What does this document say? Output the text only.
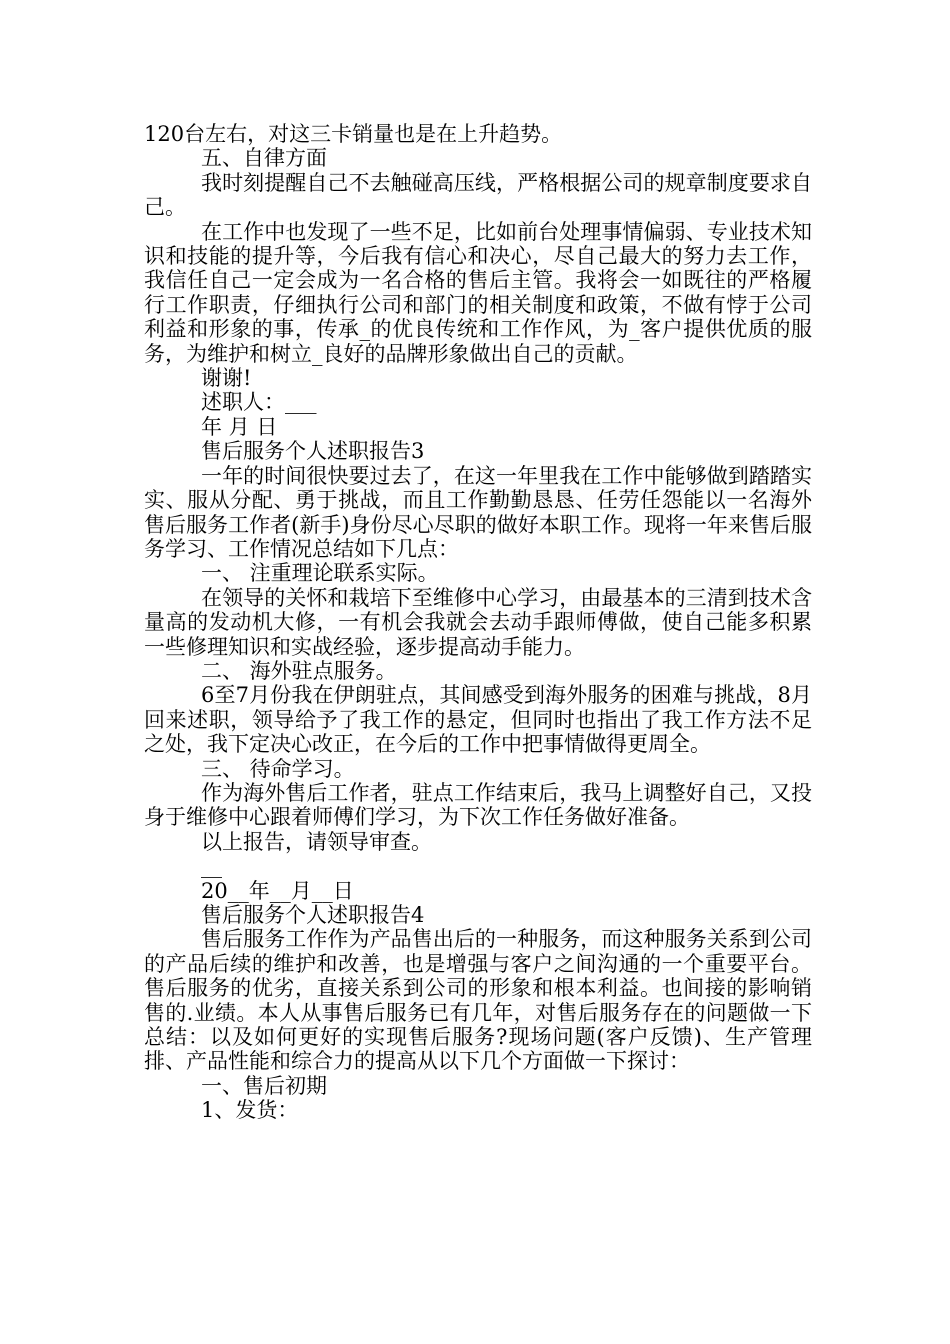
120台左右，对这三卡销量也是在上升趋势。

五、自律方面

我时刻提醒自己不去触碰高压线，严格根据公司的规章制度要求自己。

在工作中也发现了一些不足，比如前台处理事情偏弱、专业技术知识和技能的提升等，今后我有信心和决心，尽自己最大的努力去工作，我信任自己一定会成为一名合格的售后主管。我将会一如既往的严格履行工作职责，仔细执行公司和部门的相关制度和政策，不做有悖于公司利益和形象的事，传承_的优良传统和工作作风，为_客户提供优质的服务，为维护和树立_良好的品牌形象做出自己的贡献。

谢谢!

述职人：___

年 月 日

售后服务个人述职报告3

一年的时间很快要过去了，在这一年里我在工作中能够做到踏踏实实、服从分配、勇于挑战，而且工作勤勤恳恳、任劳任怨能以一名海外售后服务工作者(新手)身份尽心尽职的做好本职工作。现将一年来售后服务学习、工作情况总结如下几点：

一、 注重理论联系实际。

在领导的关怀和栽培下至维修中心学习，由最基本的三清到技术含量高的发动机大修，一有机会我就会去动手跟师傅做，使自己能多积累一些修理知识和实战经验，逐步提高动手能力。

二、 海外驻点服务。

6至7月份我在伊朗驻点，其间感受到海外服务的困难与挑战，8月回来述职，领导给予了我工作的悬定，但同时也指出了我工作方法不足之处，我下定决心改正，在今后的工作中把事情做得更周全。

三、 待命学习。

作为海外售后工作者，驻点工作结束后，我马上调整好自己，又投身于维修中心跟着师傅们学习，为下次工作任务做好准备。

以上报告，请领导审查。

__

20__年__月__日

售后服务个人述职报告4

售后服务工作作为产品售出后的一种服务，而这种服务关系到公司的产品后续的维护和改善，也是增强与客户之间沟通的一个重要平台。售后服务的优劣，直接关系到公司的形象和根本利益。也间接的影响销售的.业绩。本人从事售后服务已有几年，对售后服务存在的问题做一下总结：以及如何更好的实现售后服务?现场问题(客户反馈)、生产管理排、产品性能和综合力的提高从以下几个方面做一下探讨：

一、售后初期

1、发货：
